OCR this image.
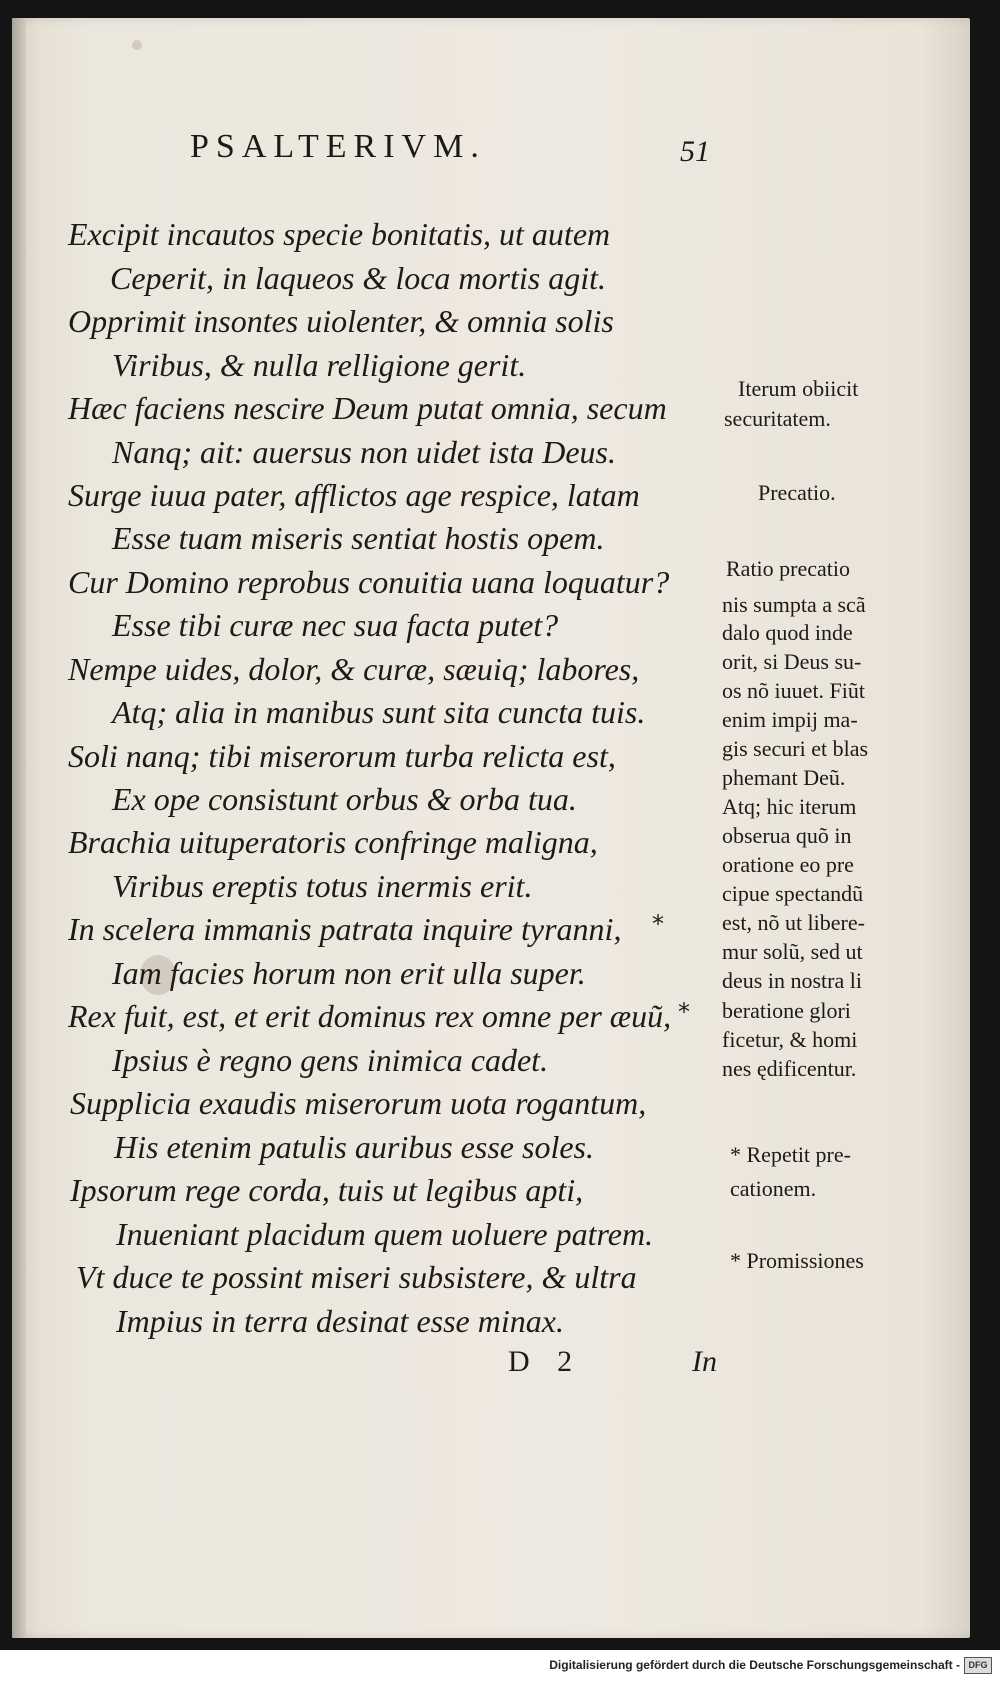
PSALTERIVM.	51
Excipit incautos specie bonitatis, ut autem
Ceperit, in laqueos & loca mortis agit.
Opprimit insontes uiolenter, & omnia solis
Viribus, & nulla relligione gerit.
Hæc faciens nescire Deum putat omnia, secum
Nanq; ait: auersus non uidet ista Deus.
Surge iuua pater, afflictos age respice, latam
Esse tuam miseris sentiat hostis opem.
Cur Domino reprobus conuitia uana loquatur?
Esse tibi curæ nec sua facta putet?
Nempe uides, dolor, & curæ, sæuiq; labores,
Atq; alia in manibus sunt sita cuncta tuis.
Soli nanq; tibi miserorum turba relicta est,
Ex ope consistunt orbus & orba tua.
Brachia uituperatoris confringe maligna,
Viribus ereptis totus inermis erit.
In scelera immanis patrata inquire tyranni,
Iam facies horum non erit ulla super.
Rex fuit, est, et erit dominus rex omne per æuũ,
Ipsius è regno gens inimica cadet.
Supplicia exaudis miserorum uota rogantum,
His etenim patulis auribus esse soles.
Ipsorum rege corda, tuis ut legibus apti,
Inueniant placidum quem uoluere patrem.
Vt duce te possint miseri subsistere, & ultra
Impius in terra desinat esse minax.
*
*
Iterum obiicit
securitatem.
Precatio.
Ratio precatio
nis sumpta a scã
dalo quod inde
orit, si Deus su-
os nõ iuuet. Fiũt
enim impij ma-
gis securi et blas
phemant Deũ.
Atq; hic iterum
obserua quõ in
oratione eo pre
cipue spectandũ
est, nõ ut libere-
mur solũ, sed ut
deus in nostra li
beratione glori
ficetur, & homi
nes ędificentur.
* Repetit pre-
cationem.
* Promissiones
D 2	In
Digitalisierung gefördert durch die Deutsche Forschungsgemeinschaft - DFG
